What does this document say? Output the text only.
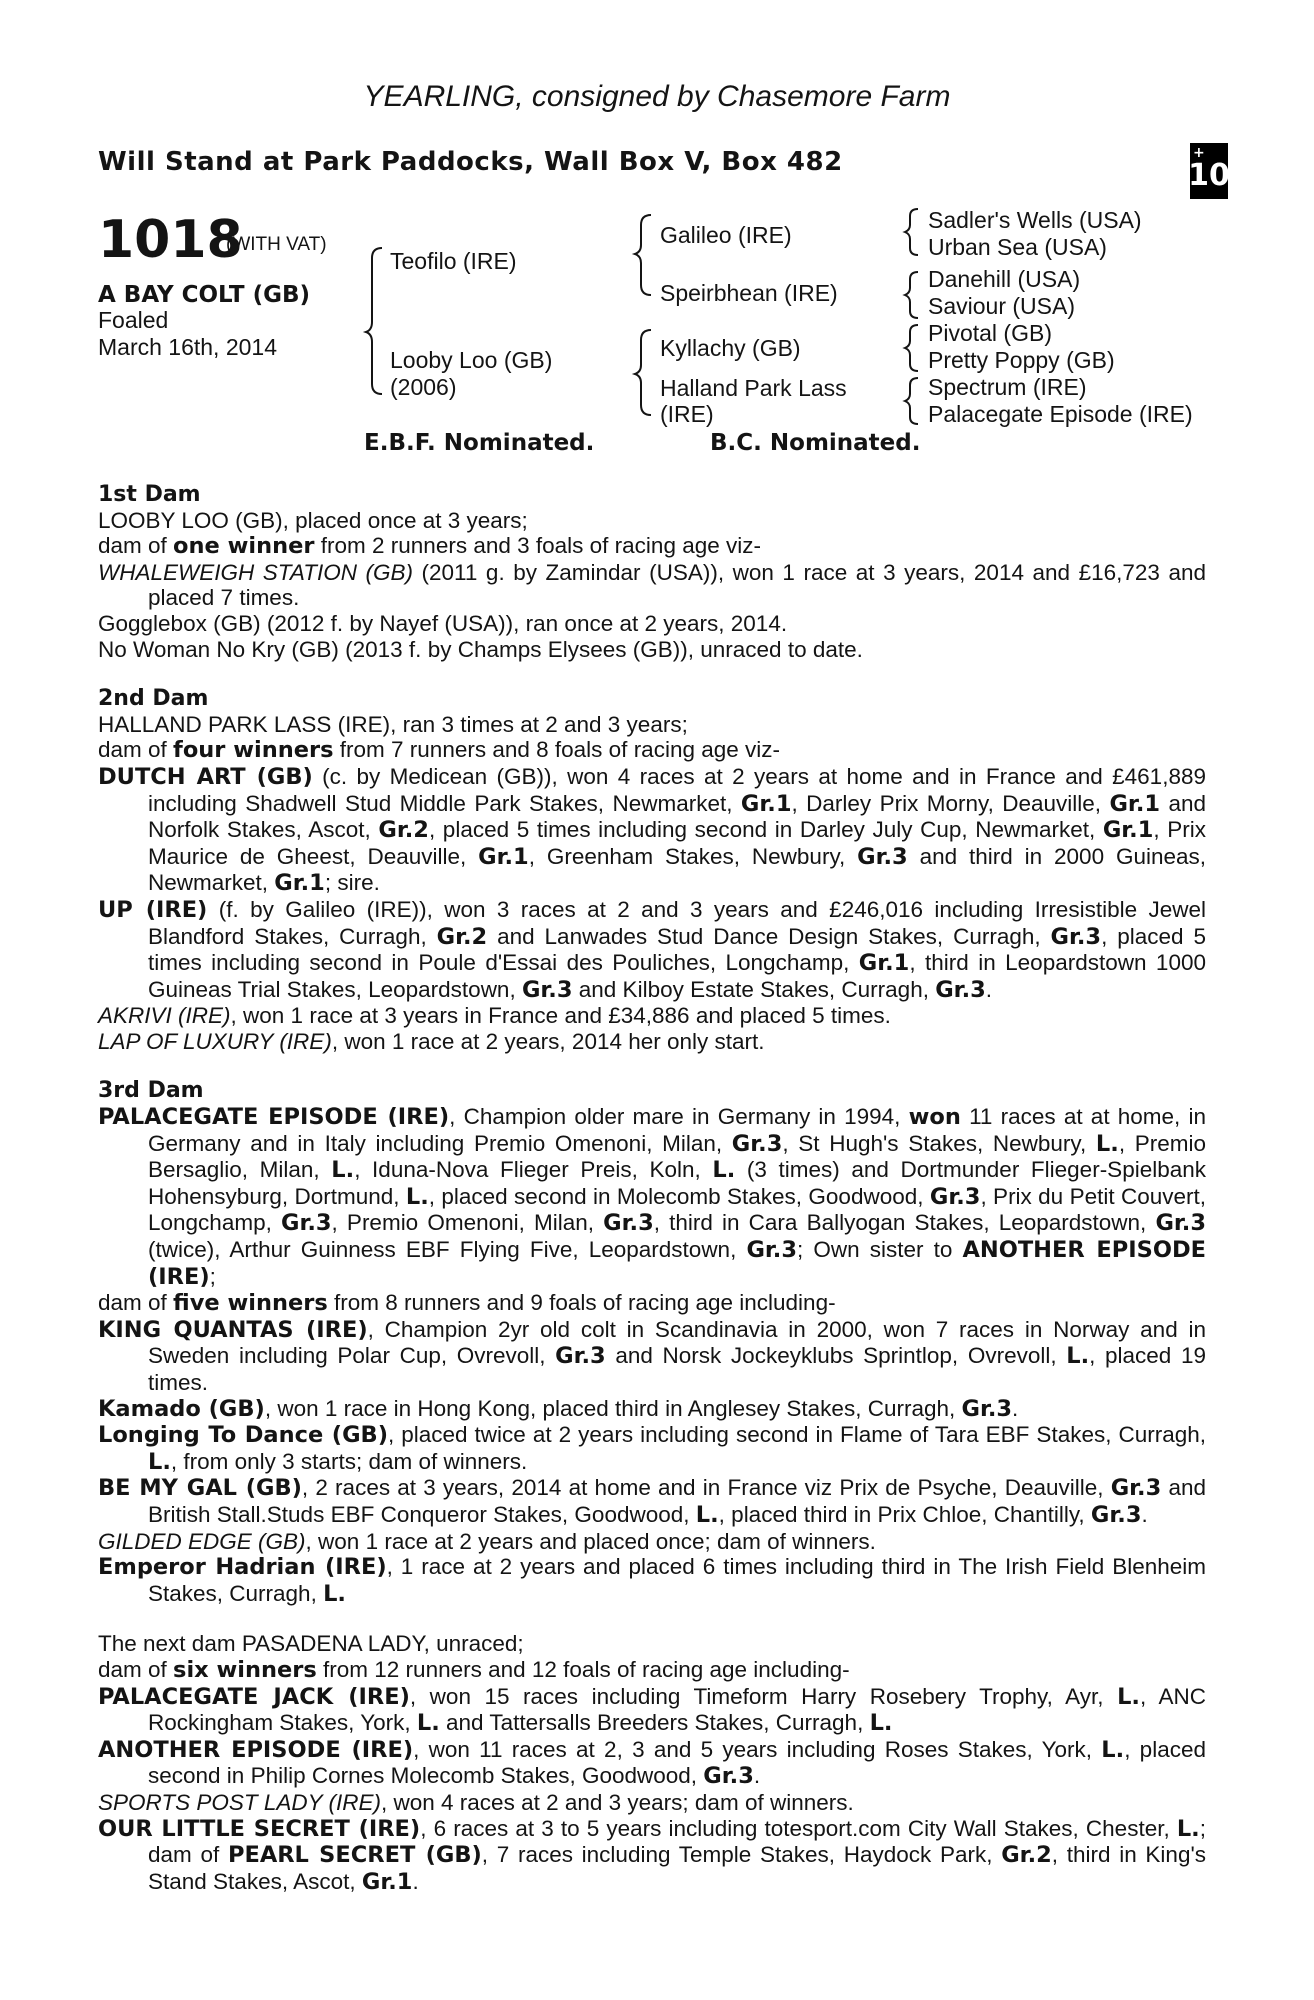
YEARLING, consigned by Chasemore Farm
Will Stand at Park Paddocks, Wall Box V, Box 482	+
10
1018
(WITH VAT)
A BAY COLT (GB)
Foaled
March 16th, 2014
Teofilo (IRE)
Looby Loo (GB)
(2006)
Galileo (IRE)
Speirbhean (IRE)
Kyllachy (GB)
Halland Park Lass
(IRE)
Sadler's Wells (USA)
Urban Sea (USA)
Danehill (USA)
Saviour (USA)
Pivotal (GB)
Pretty Poppy (GB)
Spectrum (IRE)
Palacegate Episode (IRE)
E.B.F. Nominated.	B.C. Nominated.
1st Dam

LOOBY LOO (GB), placed once at 3 years;

dam of one winner from 2 runners and 3 foals of racing age viz-

WHALEWEIGH STATION (GB) (2011 g. by Zamindar (USA)), won 1 race at 3 years, 2014 and £16,723 and placed 7 times.

Gogglebox (GB) (2012 f. by Nayef (USA)), ran once at 2 years, 2014.

No Woman No Kry (GB) (2013 f. by Champs Elysees (GB)), unraced to date.

2nd Dam

HALLAND PARK LASS (IRE), ran 3 times at 2 and 3 years;

dam of four winners from 7 runners and 8 foals of racing age viz-

DUTCH ART (GB) (c. by Medicean (GB)), won 4 races at 2 years at home and in France and £461,889 including Shadwell Stud Middle Park Stakes, Newmarket, Gr.1, Darley Prix Morny, Deauville, Gr.1 and Norfolk Stakes, Ascot, Gr.2, placed 5 times including second in Darley July Cup, Newmarket, Gr.1, Prix Maurice de Gheest, Deauville, Gr.1, Greenham Stakes, Newbury, Gr.3 and third in 2000 Guineas, Newmarket, Gr.1; sire.

UP (IRE) (f. by Galileo (IRE)), won 3 races at 2 and 3 years and £246,016 including Irresistible Jewel Blandford Stakes, Curragh, Gr.2 and Lanwades Stud Dance Design Stakes, Curragh, Gr.3, placed 5 times including second in Poule d'Essai des Pouliches, Longchamp, Gr.1, third in Leopardstown 1000 Guineas Trial Stakes, Leopardstown, Gr.3 and Kilboy Estate Stakes, Curragh, Gr.3.

AKRIVI (IRE), won 1 race at 3 years in France and £34,886 and placed 5 times.

LAP OF LUXURY (IRE), won 1 race at 2 years, 2014 her only start.

3rd Dam

PALACEGATE EPISODE (IRE), Champion older mare in Germany in 1994, won 11 races at at home, in Germany and in Italy including Premio Omenoni, Milan, Gr.3, St Hugh's Stakes, Newbury, L., Premio Bersaglio, Milan, L., Iduna-Nova Flieger Preis, Koln, L. (3 times) and Dortmunder Flieger-Spielbank Hohensyburg, Dortmund, L., placed second in Molecomb Stakes, Goodwood, Gr.3, Prix du Petit Couvert, Longchamp, Gr.3, Premio Omenoni, Milan, Gr.3, third in Cara Ballyogan Stakes, Leopardstown, Gr.3 (twice), Arthur Guinness EBF Flying Five, Leopardstown, Gr.3; Own sister to ANOTHER EPISODE (IRE);

dam of five winners from 8 runners and 9 foals of racing age including-

KING QUANTAS (IRE), Champion 2yr old colt in Scandinavia in 2000, won 7 races in Norway and in Sweden including Polar Cup, Ovrevoll, Gr.3 and Norsk Jockeyklubs Sprintlop, Ovrevoll, L., placed 19 times.

Kamado (GB), won 1 race in Hong Kong, placed third in Anglesey Stakes, Curragh, Gr.3.

Longing To Dance (GB), placed twice at 2 years including second in Flame of Tara EBF Stakes, Curragh, L., from only 3 starts; dam of winners.

BE MY GAL (GB), 2 races at 3 years, 2014 at home and in France viz Prix de Psyche, Deauville, Gr.3 and British Stall.Studs EBF Conqueror Stakes, Goodwood, L., placed third in Prix Chloe, Chantilly, Gr.3.

GILDED EDGE (GB), won 1 race at 2 years and placed once; dam of winners.

Emperor Hadrian (IRE), 1 race at 2 years and placed 6 times including third in The Irish Field Blenheim Stakes, Curragh, L.

The next dam PASADENA LADY, unraced;

dam of six winners from 12 runners and 12 foals of racing age including-

PALACEGATE JACK (IRE), won 15 races including Timeform Harry Rosebery Trophy, Ayr, L., ANC Rockingham Stakes, York, L. and Tattersalls Breeders Stakes, Curragh, L.

ANOTHER EPISODE (IRE), won 11 races at 2, 3 and 5 years including Roses Stakes, York, L., placed second in Philip Cornes Molecomb Stakes, Goodwood, Gr.3.

SPORTS POST LADY (IRE), won 4 races at 2 and 3 years; dam of winners.

OUR LITTLE SECRET (IRE), 6 races at 3 to 5 years including totesport.com City Wall Stakes, Chester, L.; dam of PEARL SECRET (GB), 7 races including Temple Stakes, Haydock Park, Gr.2, third in King's Stand Stakes, Ascot, Gr.1.
